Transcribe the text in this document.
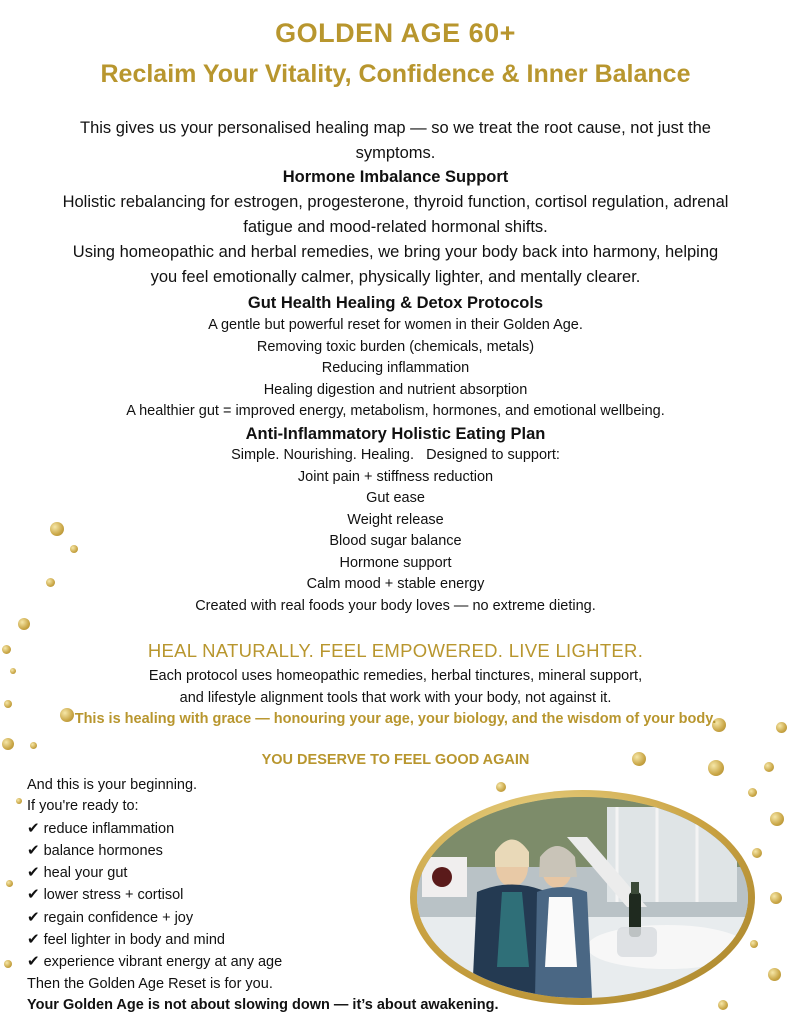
GOLDEN AGE 60+
Reclaim Your Vitality, Confidence & Inner Balance
This gives us your personalised healing map — so we treat the root cause, not just the
symptoms.
Hormone Imbalance Support
Holistic rebalancing for estrogen, progesterone, thyroid function, cortisol regulation, adrenal
fatigue and mood-related hormonal shifts.
Using homeopathic and herbal remedies, we bring your body back into harmony, helping
you feel emotionally calmer, physically lighter, and mentally clearer.
Gut Health Healing & Detox Protocols
A gentle but powerful reset for women in their Golden Age.
Removing toxic burden (chemicals, metals)
Reducing inflammation
Healing digestion and nutrient absorption
A healthier gut = improved energy, metabolism, hormones, and emotional wellbeing.
Anti-Inflammatory Holistic Eating Plan
Simple. Nourishing. Healing.   Designed to support:
Joint pain + stiffness reduction
Gut ease
Weight release
Blood sugar balance
Hormone support
Calm mood + stable energy
Created with real foods your body loves — no extreme dieting.
HEAL NATURALLY. FEEL EMPOWERED. LIVE LIGHTER.
Each protocol uses homeopathic remedies, herbal tinctures, mineral support,
and lifestyle alignment tools that work with your body, not against it.
This is healing with grace — honouring your age, your biology, and the wisdom of your body.
YOU DESERVE TO FEEL GOOD AGAIN
And this is your beginning.
If you're ready to:
✔ reduce inflammation
✔ balance hormones
✔ heal your gut
✔ lower stress + cortisol
✔ regain confidence + joy
✔ feel lighter in body and mind
✔ experience vibrant energy at any age
Then the Golden Age Reset is for you.
Your Golden Age is not about slowing down — it’s about awakening.
